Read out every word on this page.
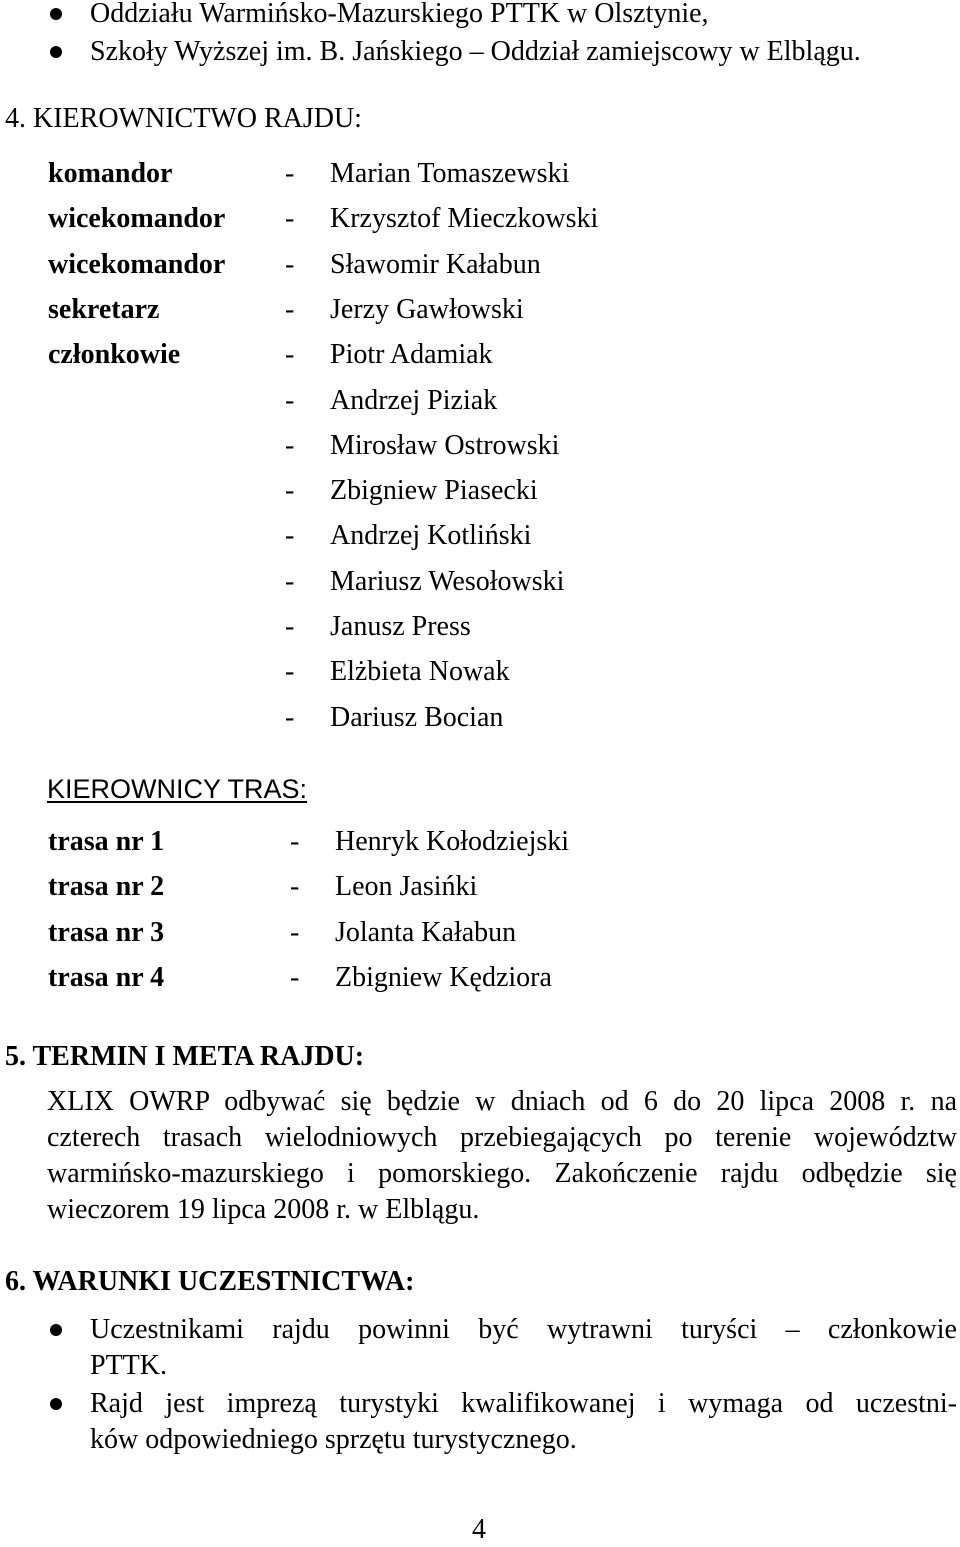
Oddziału Warmińsko-Mazurskiego PTTK w Olsztynie,
Szkoły Wyższej im. B. Jańskiego – Oddział zamiejscowy w Elblągu.
4. KIEROWNICTWO RAJDU:
komandor	- Marian Tomaszewski
wicekomandor - Krzysztof Mieczkowski
wicekomandor - Sławomir Kałabun
sekretarz	- Jerzy Gawłowski
członkowie	- Piotr Adamiak
- Andrzej Piziak
- Mirosław Ostrowski
- Zbigniew Piasecki
- Andrzej Kotliński
- Mariusz Wesołowski
- Janusz Press
- Elżbieta Nowak
- Dariusz Bocian
KIEROWNICY TRAS:
trasa nr 1	- Henryk Kołodziejski
trasa nr 2	- Leon Jasińki
trasa nr 3	- Jolanta Kałabun
trasa nr 4	- Zbigniew Kędziora
5. TERMIN I META RAJDU:
XLIX OWRP odbywać się będzie w dniach od 6 do 20 lipca 2008 r. na
czterech trasach wielodniowych przebiegających po terenie województw
warmińsko-mazurskiego i pomorskiego. Zakończenie rajdu odbędzie się
wieczorem 19 lipca 2008 r. w Elblągu.
6. WARUNKI UCZESTNICTWA:
Uczestnikami rajdu powinni być wytrawni turyści – członkowie
PTTK.
Rajd jest imprezą turystyki kwalifikowanej i wymaga od uczestni-
ków odpowiedniego sprzętu turystycznego.
4
